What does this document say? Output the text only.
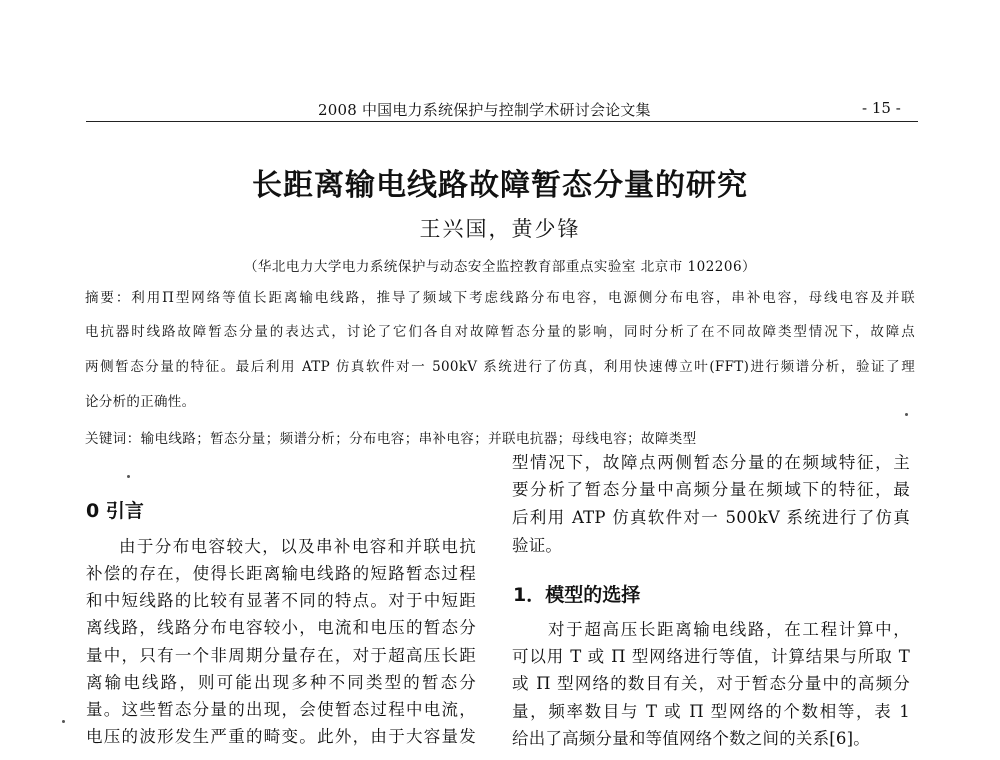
2008 中国电力系统保护与控制学术研讨会论文集	- 15 -
长距离输电线路故障暂态分量的研究
王兴国，黄少锋
（华北电力大学电力系统保护与动态安全监控教育部重点实验室 北京市 102206）
摘要：利用Π型网络等值长距离输电线路，推导了频域下考虑线路分布电容，电源侧分布电容，串补电容，母线电容及并联
电抗器时线路故障暂态分量的表达式，讨论了它们各自对故障暂态分量的影响，同时分析了在不同故障类型情况下，故障点
两侧暂态分量的特征。最后利用 ATP 仿真软件对一 500kV 系统进行了仿真，利用快速傅立叶(FFT)进行频谱分析，验证了理
论分析的正确性。
关键词：输电线路；暂态分量；频谱分析；分布电容；串补电容；并联电抗器；母线电容；故障类型
0 引言
由于分布电容较大，以及串补电容和并联电抗
补偿的存在，使得长距离输电线路的短路暂态过程
和中短线路的比较有显著不同的特点。对于中短距
离线路，线路分布电容较小，电流和电压的暂态分
量中，只有一个非周期分量存在，对于超高压长距
离输电线路，则可能出现多种不同类型的暂态分
量。这些暂态分量的出现，会使暂态过程中电流，
电压的波形发生严重的畸变。此外，由于大容量发
型情况下，故障点两侧暂态分量的在频域特征，主
要分析了暂态分量中高频分量在频域下的特征，最
后利用 ATP 仿真软件对一 500kV 系统进行了仿真
验证。
1．模型的选择
对于超高压长距离输电线路，在工程计算中，
可以用 T 或 Π 型网络进行等值，计算结果与所取 T
或 Π 型网络的数目有关，对于暂态分量中的高频分
量，频率数目与 T 或 Π 型网络的个数相等，表 1
给出了高频分量和等值网络个数之间的关系[6]。
